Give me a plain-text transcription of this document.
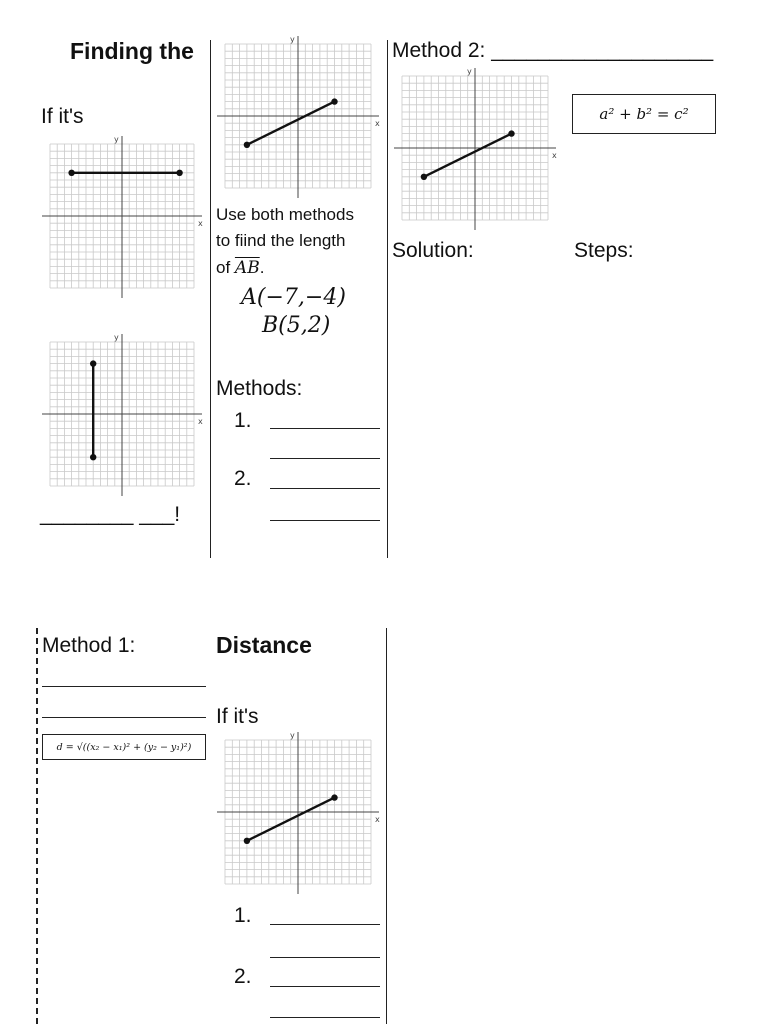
Finding the
If it's
x
y
x
y
________ ___!
x
y
Use both methods
to fiind the length
of $\overline{AB}$.
A(−7,−4)
B(5,2)
Methods:
1.
2.
Method 2: ___________________
x
y
a² + b² = c²
Solution:	Steps:
Method 1:
d = √((x₂ − x₁)² + (y₂ − y₁)²)
Distance
If it's
x
y
1.
2.
